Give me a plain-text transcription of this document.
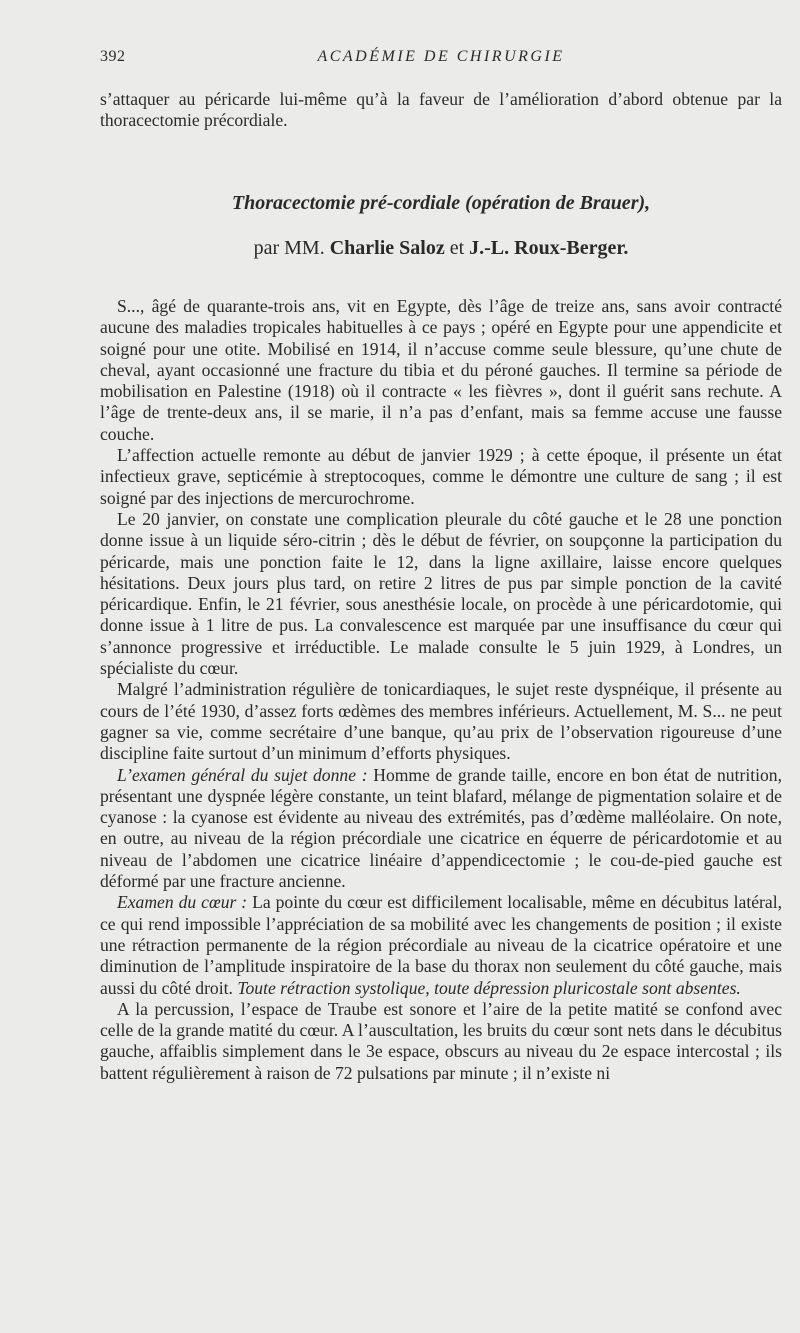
392	ACADÉMIE DE CHIRURGIE

s’attaquer au péricarde lui-même qu’à la faveur de l’amélioration d’abord obtenue par la thoracectomie précordiale.

Thoracectomie pré-cordiale (opération de Brauer),
par MM. Charlie Saloz et J.-L. Roux-Berger.

S..., âgé de quarante-trois ans, vit en Egypte, dès l’âge de treize ans, sans avoir contracté aucune des maladies tropicales habituelles à ce pays ; opéré en Egypte pour une appendicite et soigné pour une otite. Mobilisé en 1914, il n’accuse comme seule blessure, qu’une chute de cheval, ayant occasionné une fracture du tibia et du péroné gauches. Il termine sa période de mobilisation en Palestine (1918) où il contracte « les fièvres », dont il guérit sans rechute. A l’âge de trente-deux ans, il se marie, il n’a pas d’enfant, mais sa femme accuse une fausse couche.

L’affection actuelle remonte au début de janvier 1929 ; à cette époque, il présente un état infectieux grave, septicémie à streptocoques, comme le démontre une culture de sang ; il est soigné par des injections de mercurochrome.

Le 20 janvier, on constate une complication pleurale du côté gauche et le 28 une ponction donne issue à un liquide séro-citrin ; dès le début de février, on soupçonne la participation du péricarde, mais une ponction faite le 12, dans la ligne axillaire, laisse encore quelques hésitations. Deux jours plus tard, on retire 2 litres de pus par simple ponction de la cavité péricardique. Enfin, le 21 février, sous anesthésie locale, on procède à une péricardotomie, qui donne issue à 1 litre de pus. La convalescence est marquée par une insuffisance du cœur qui s’annonce progressive et irréductible. Le malade consulte le 5 juin 1929, à Londres, un spécialiste du cœur.

Malgré l’administration régulière de tonicardiaques, le sujet reste dyspnéique, il présente au cours de l’été 1930, d’assez forts œdèmes des membres inférieurs. Actuellement, M. S... ne peut gagner sa vie, comme secrétaire d’une banque, qu’au prix de l’observation rigoureuse d’une discipline faite surtout d’un minimum d’efforts physiques.

L’examen général du sujet donne : Homme de grande taille, encore en bon état de nutrition, présentant une dyspnée légère constante, un teint blafard, mélange de pigmentation solaire et de cyanose : la cyanose est évidente au niveau des extrémités, pas d’œdème malléolaire. On note, en outre, au niveau de la région précordiale une cicatrice en équerre de péricardotomie et au niveau de l’abdomen une cicatrice linéaire d’appendicectomie ; le cou-de-pied gauche est déformé par une fracture ancienne.

Examen du cœur : La pointe du cœur est difficilement localisable, même en décubitus latéral, ce qui rend impossible l’appréciation de sa mobilité avec les changements de position ; il existe une rétraction permanente de la région précordiale au niveau de la cicatrice opératoire et une diminution de l’amplitude inspiratoire de la base du thorax non seulement du côté gauche, mais aussi du côté droit. Toute rétraction systolique, toute dépression pluricostale sont absentes.

A la percussion, l’espace de Traube est sonore et l’aire de la petite matité se confond avec celle de la grande matité du cœur. A l’auscultation, les bruits du cœur sont nets dans le décubitus gauche, affaiblis simplement dans le 3e espace, obscurs au niveau du 2e espace intercostal ; ils battent régulièrement à raison de 72 pulsations par minute ; il n’existe ni
